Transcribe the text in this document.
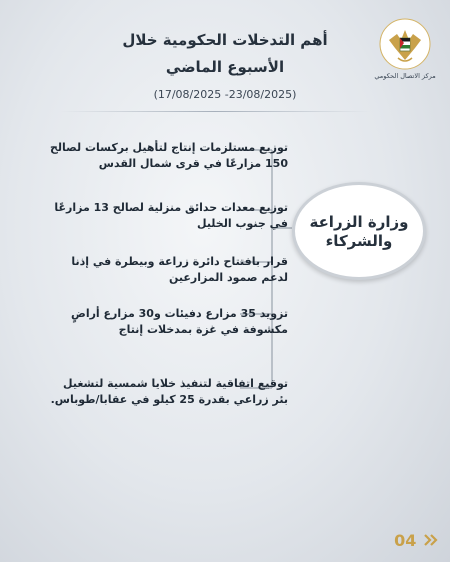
مركز الاتصال الحكومي
أهم التدخلات الحكومية خلال
الأسبوع الماضي
(17/08/2025 -23/08/2025)
توزيع مستلزمات إنتاج لتأهيل بركسات لصالح 150 مزارعًا في قرى شمال القدس
توزيع معدات حدائق منزلية لصالح 13 مزارعًا في جنوب الخليل
قرار بافتتاح دائرة زراعة وبيطرة في إذنا لدعم صمود المزارعين
تزويد 35 مزارع دفيئات و30 مزارع أراضٍ مكشوفة في غزة بمدخلات إنتاج
توقيع اتفاقية لتنفيذ خلايا شمسية لتشغيل بئر زراعي بقدرة 25 كيلو في عقابا/طوباس.
وزارة الزراعة
والشركاء
04
